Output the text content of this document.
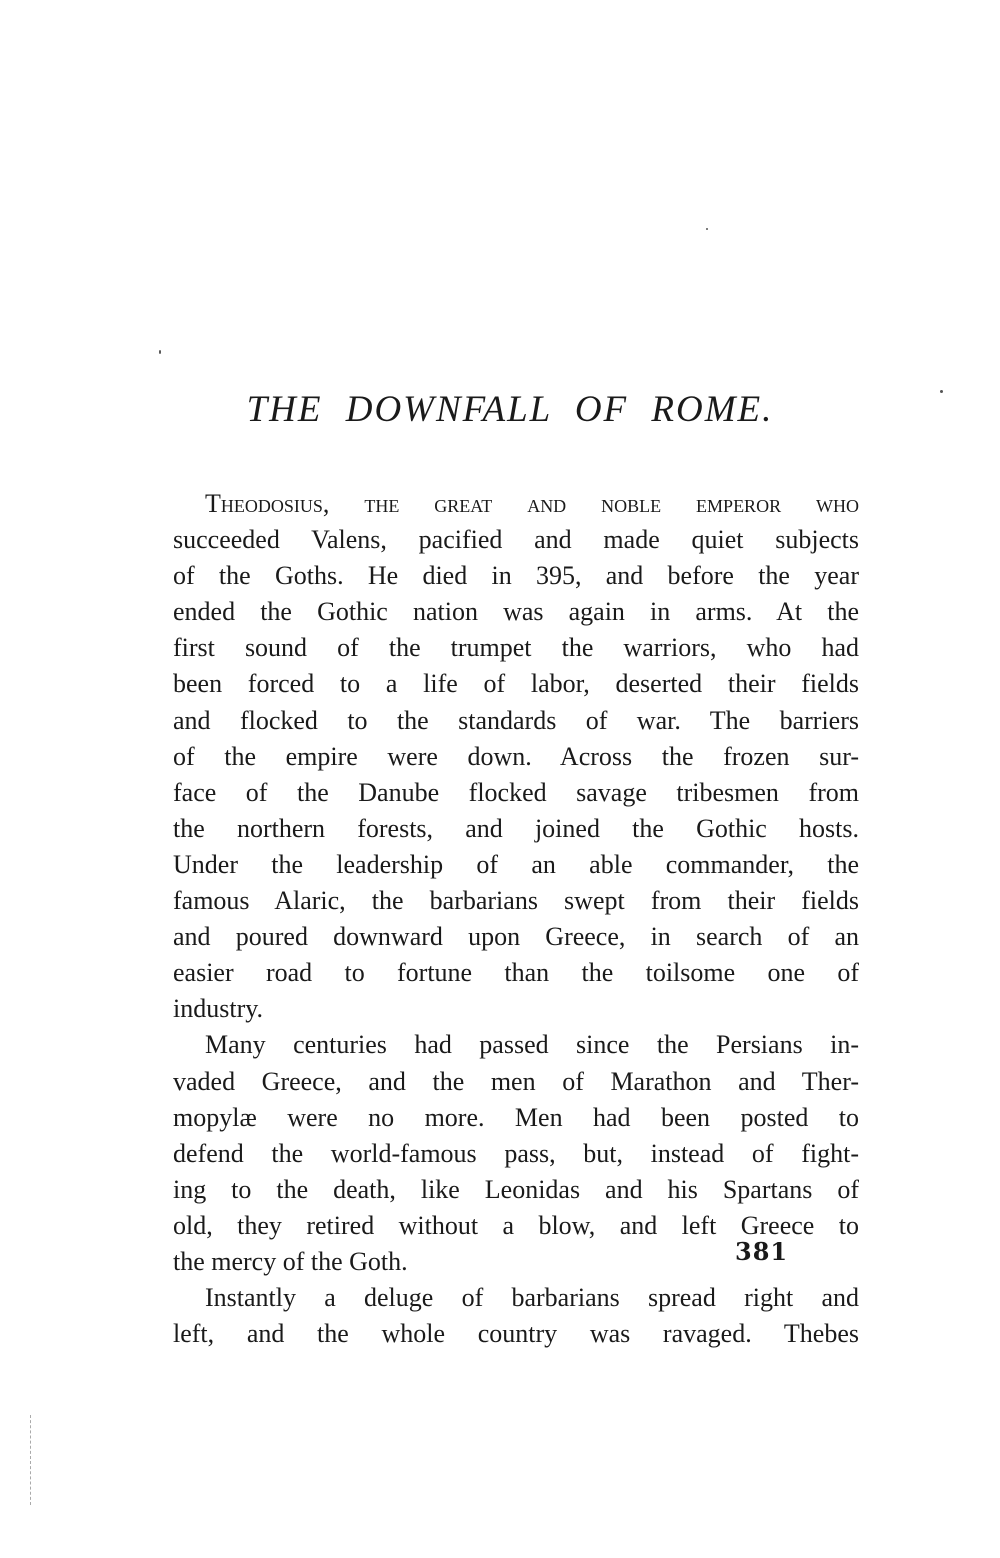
THE DOWNFALL OF ROME.
Theodosius, the great and noble emperor who
succeeded Valens, pacified and made quiet subjects
of the Goths. He died in 395, and before the year
ended the Gothic nation was again in arms. At the
first sound of the trumpet the warriors, who had
been forced to a life of labor, deserted their fields
and flocked to the standards of war. The barriers
of the empire were down. Across the frozen sur-
face of the Danube flocked savage tribesmen from
the northern forests, and joined the Gothic hosts.
Under the leadership of an able commander, the
famous Alaric, the barbarians swept from their fields
and poured downward upon Greece, in search of an
easier road to fortune than the toilsome one of
industry.
Many centuries had passed since the Persians in-
vaded Greece, and the men of Marathon and Ther-
mopylæ were no more. Men had been posted to
defend the world-famous pass, but, instead of fight-
ing to the death, like Leonidas and his Spartans of
old, they retired without a blow, and left Greece to
the mercy of the Goth.
Instantly a deluge of barbarians spread right and
left, and the whole country was ravaged. Thebes
381
